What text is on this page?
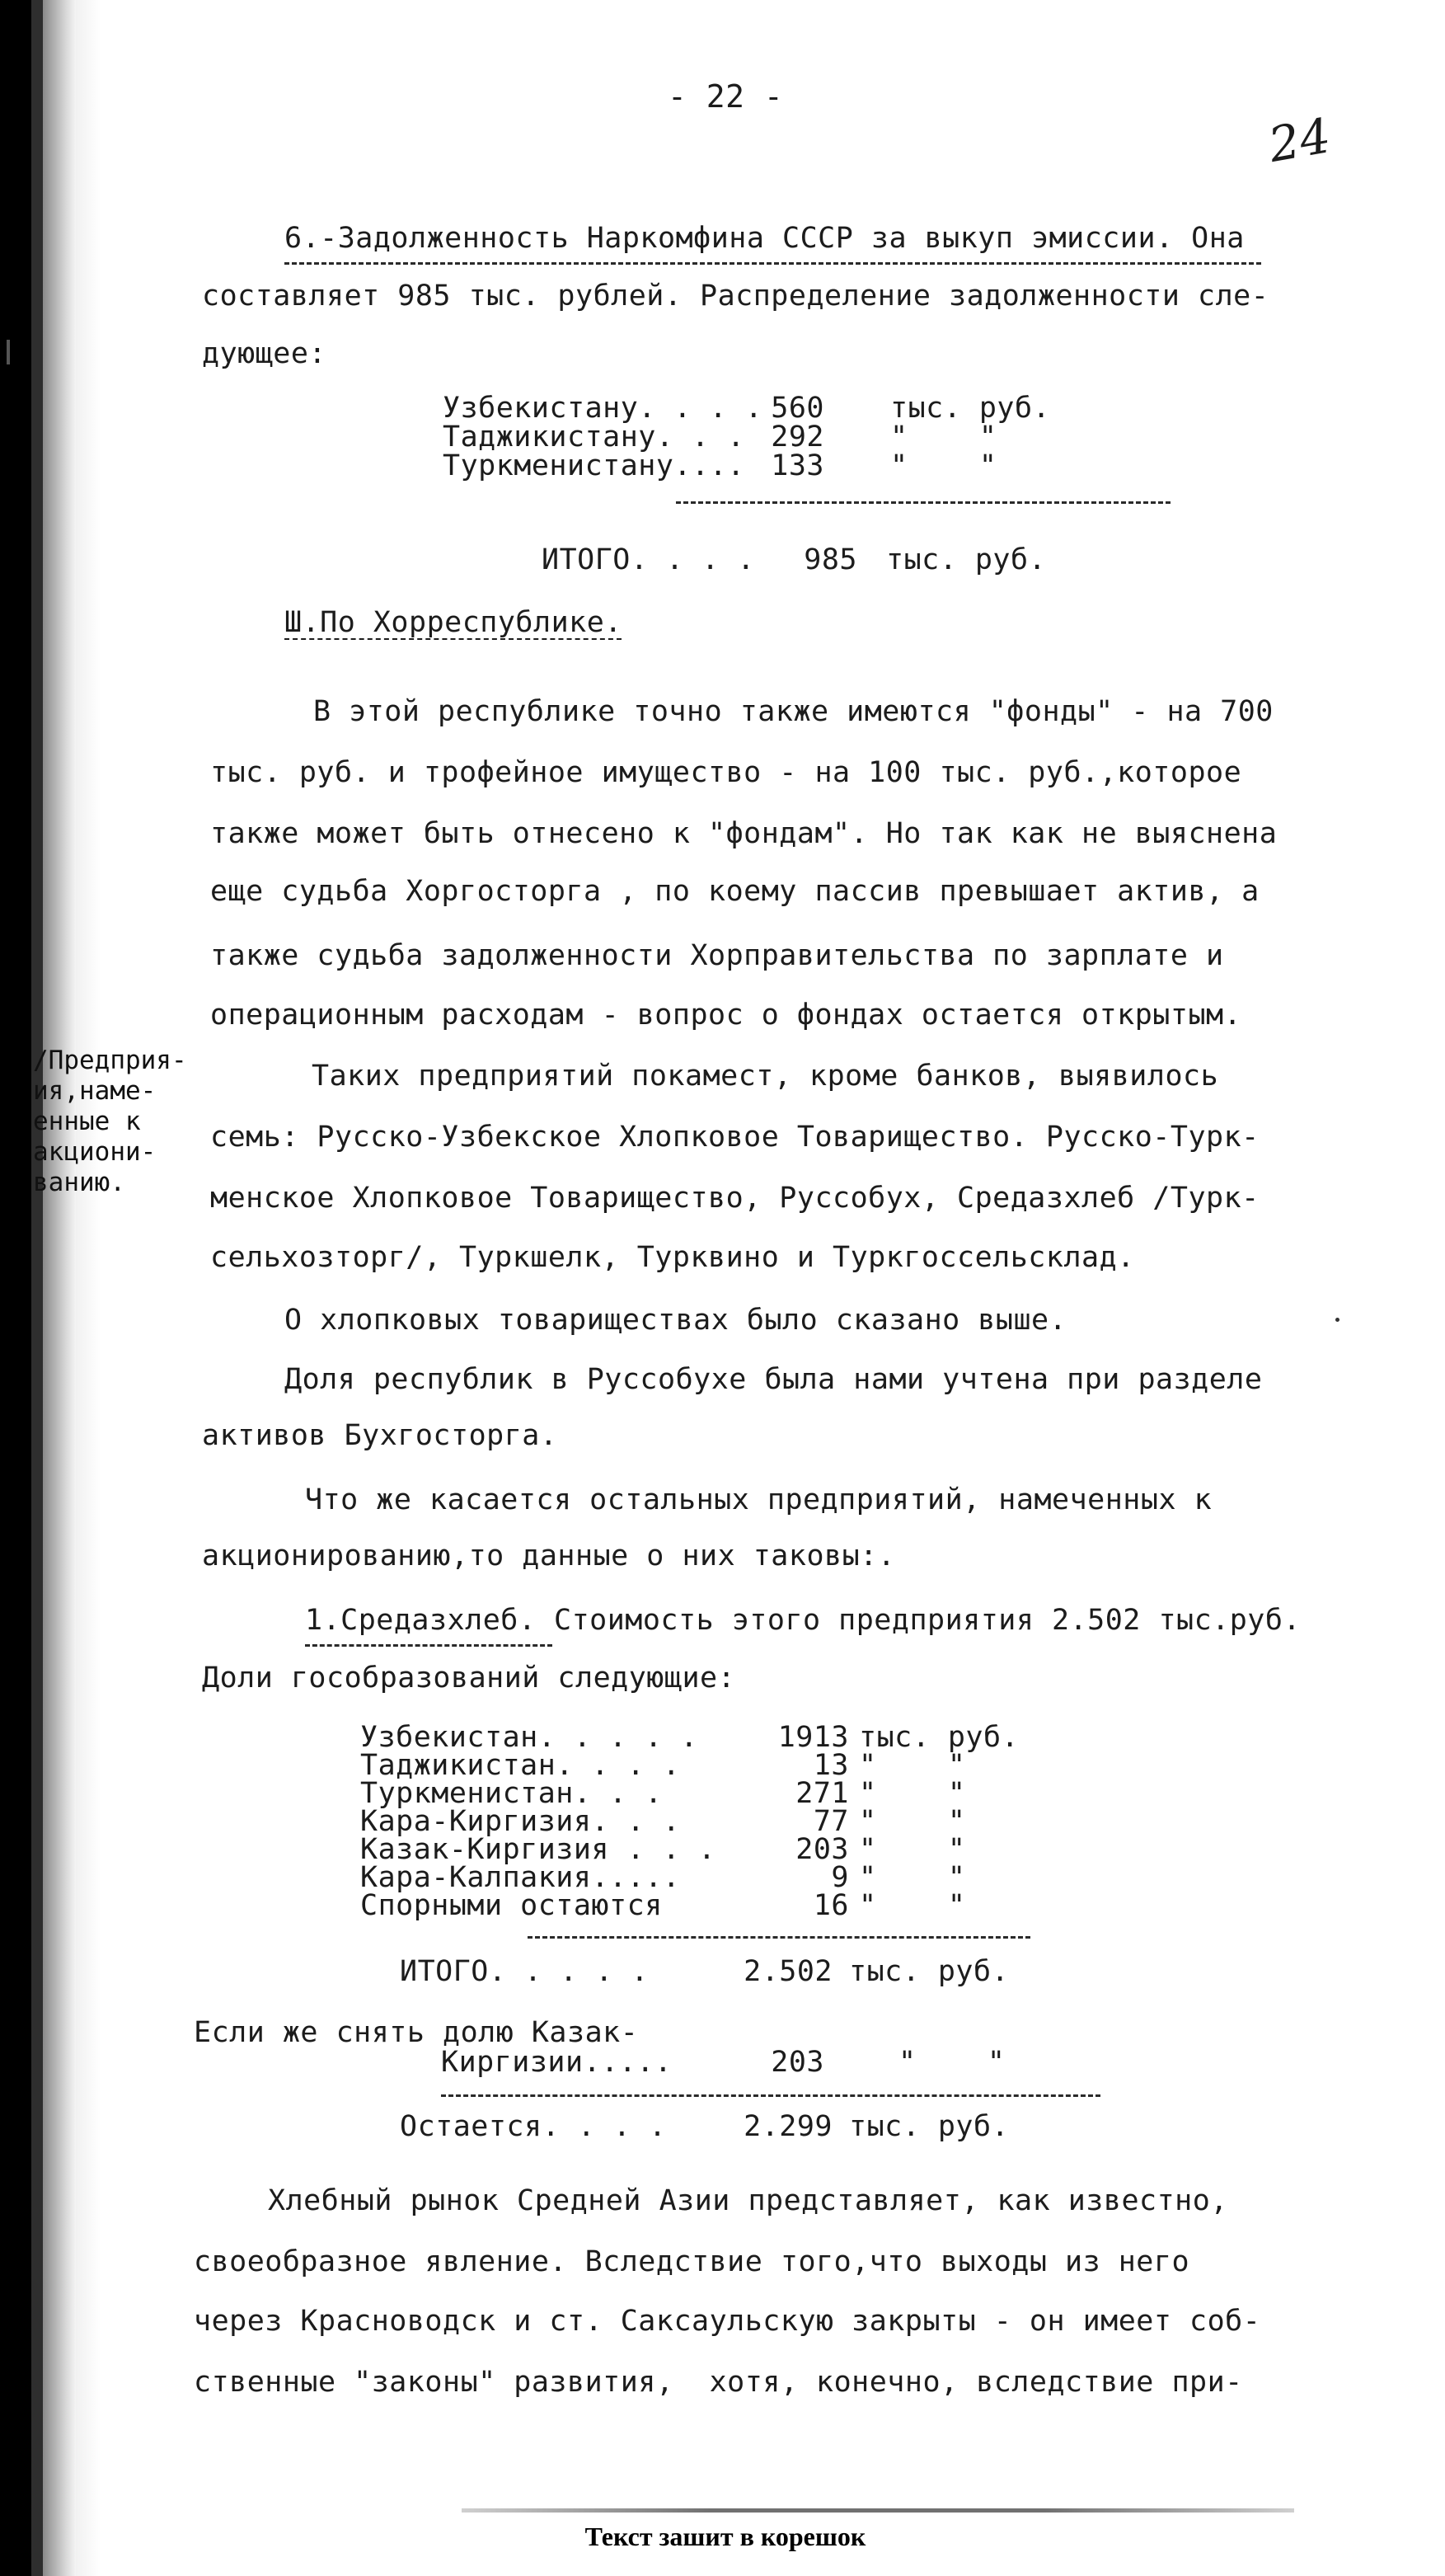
- 22 -
24
6.-Задолженность Наркомфина СССР за выкуп эмиссии. Она
составляет 985 тыс. рублей. Распределение задолженности сле-
дующее:
Узбекистану. . . . 560 тыс. руб.
Таджикистану. . . 292 "    "
Туркменистану.... 133 "    "
ИТОГО. . . .	985 тыс. руб.
Ш.По Хорреспублике.
В этой республике точно также имеются "фонды" - на 700
тыс. руб. и трофейное имущество - на 100 тыс. руб.,которое
также может быть отнесено к "фондам". Но так как не выяснена
еще судьба Хоргосторга , по коему пассив превышает актив, а
также судьба задолженности Хорправительства по зарплате и
операционным расходам - вопрос о фондах остается открытым.
Таких предприятий покамест, кроме банков, выявилось
семь: Русско-Узбекское Хлопковое Товарищество. Русско-Турк-
менское Хлопковое Товарищество, Руссобух, Средазхлеб /Турк-
сельхозторг/, Туркшелк, Турквино и Туркгоссельсклад.
О хлопковых товариществах было сказано выше.
Доля республик в Руссобухе была нами учтена при разделе
активов Бухгосторга.
Что же касается остальных предприятий, намеченных к
акционированию,то данные о них таковы:.
/Предприя-
ия,наме-
енные к
акциони-
ванию.
1.Средазхлеб. Стоимость этого предприятия 2.502 тыс.руб.
Доли гособразований следующие:
Узбекистан. . . . .	1913 тыс. руб.
Таджикистан. . . .	13 "    "
Туркменистан. . .	271 "    "
Кара-Киргизия. . .	77 "    "
Казак-Киргизия . . .	203 "    "
Кара-Калпакия.....	9 "    "
Спорными остаются	16 "    "
ИТОГО. . . . .	2.502 тыс. руб.
Если же снять долю Казак-
Киргизии.....	203	"    "
Остается. . . .	2.299 тыс. руб.
Хлебный рынок Средней Азии представляет, как известно,
своеобразное явление. Вследствие того,что выходы из него
через Красноводск и ст. Саксаульскую закрыты - он имеет соб-
ственные "законы" развития,  хотя, конечно, вследствие при-
Текст зашит в корешок
